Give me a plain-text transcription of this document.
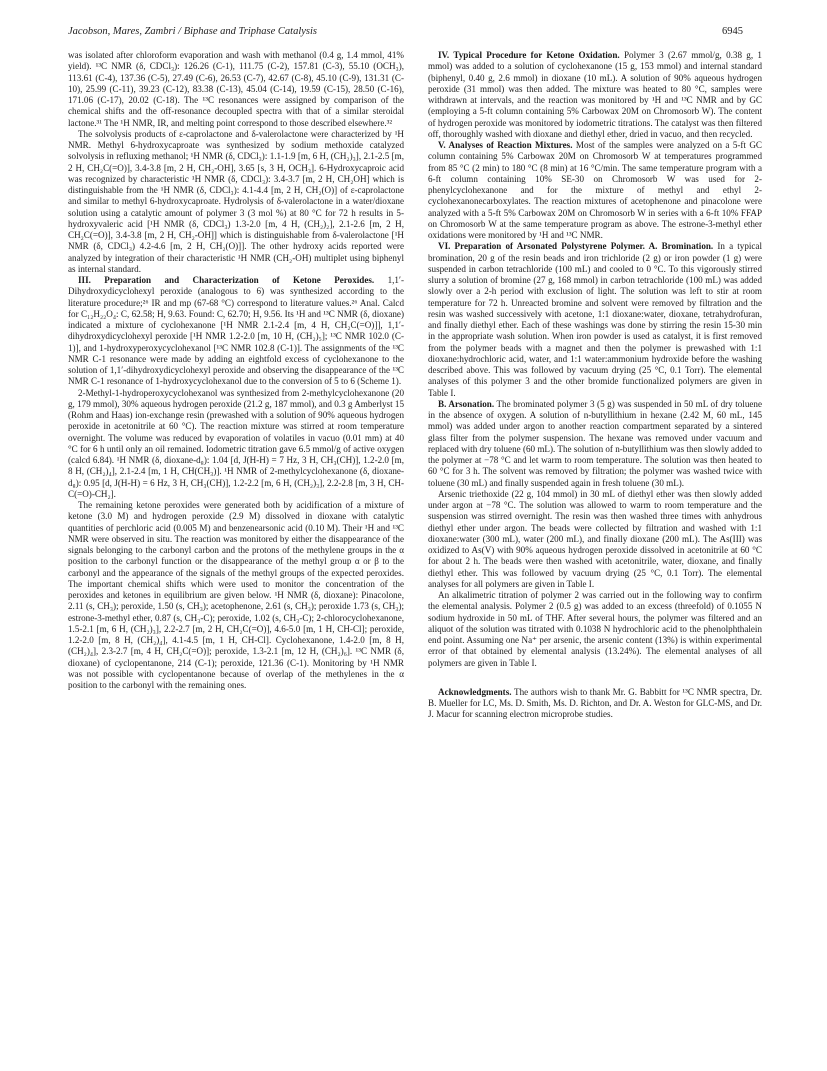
Jacobson, Mares, Zambri / Biphase and Triphase Catalysis	6945

was isolated after chloroform evaporation and wash with methanol (0.4 g, 1.4 mmol, 41% yield). ¹³C NMR (δ, CDCl₃): 126.26 (C-1), 111.75 (C-2), 157.81 (C-3), 55.10 (OCH₃), 113.61 (C-4), 137.36 (C-5), 27.49 (C-6), 26.53 (C-7), 42.67 (C-8), 45.10 (C-9), 131.31 (C-10), 25.99 (C-11), 39.23 (C-12), 83.38 (C-13), 45.04 (C-14), 19.59 (C-15), 28.50 (C-16), 171.06 (C-17), 20.02 (C-18). The ¹³C resonances were assigned by comparison of the chemical shifts and the off-resonance decoupled spectra with that of a similar steroidal lactone.³¹ The ¹H NMR, IR, and melting point correspond to those described elsewhere.³²

The solvolysis products of ε-caprolactone and δ-valerolactone were characterized by ¹H NMR. Methyl 6-hydroxycaproate was synthesized by sodium methoxide catalyzed solvolysis in refluxing methanol; ¹H NMR (δ, CDCl₃): 1.1-1.9 [m, 6 H, (CH₂)₃], 2.1-2.5 [m, 2 H, CH₂C(=O)], 3.4-3.8 [m, 2 H, CH₂-OH], 3.65 [s, 3 H, OCH₃]. 6-Hydroxycaproic acid was recognized by characteristic ¹H NMR (δ, CDCl₃): 3.4-3.7 [m, 2 H, CH₂OH] which is distinguishable from the ¹H NMR (δ, CDCl₃): 4.1-4.4 [m, 2 H, CH₂(O)] of ε-caprolactone and similar to methyl 6-hydroxycaproate. Hydrolysis of δ-valerolactone in a water/dioxane solution using a catalytic amount of polymer 3 (3 mol %) at 80 °C for 72 h results in 5-hydroxyvaleric acid [¹H NMR (δ, CDCl₃) 1.3-2.0 [m, 4 H, (CH₂)₂], 2.1-2.6 [m, 2 H, CH₂C(=O)], 3.4-3.8 [m, 2 H, CH₂-OH]] which is distinguishable from δ-valerolactone [¹H NMR (δ, CDCl₃) 4.2-4.6 [m, 2 H, CH₂(O)]]. The other hydroxy acids reported were analyzed by integration of their characteristic ¹H NMR (CH₂-OH) multiplet using biphenyl as internal standard.

III. Preparation and Characterization of Ketone Peroxides. 1,1′-Dihydroxydicyclohexyl peroxide (analogous to 6) was synthesized according to the literature procedure;²⁶ IR and mp (67-68 °C) correspond to literature values.²⁶ Anal. Calcd for C₁₂H₂₂O₄: C, 62.58; H, 9.63. Found: C, 62.70; H, 9.56. Its ¹H and ¹³C NMR (δ, dioxane) indicated a mixture of cyclohexanone [¹H NMR 2.1-2.4 [m, 4 H, CH₂C(=O)]], 1,1′-dihydroxydicyclohexyl peroxide [¹H NMR 1.2-2.0 [m, 10 H, (CH₂)₅]; ¹³C NMR 102.0 (C-1)], and 1-hydroxyperoxycyclohexanol [¹³C NMR 102.8 (C-1)]. The assignments of the ¹³C NMR C-1 resonance were made by adding an eightfold excess of cyclohexanone to the solution of 1,1′-dihydroxydicyclohexyl peroxide and observing the disappearance of the ¹³C NMR C-1 resonance of 1-hydroxycyclohexanol due to the conversion of 5 to 6 (Scheme 1).

2-Methyl-1-hydroperoxycyclohexanol was synthesized from 2-methylcyclohexanone (20 g, 179 mmol), 30% aqueous hydrogen peroxide (21.2 g, 187 mmol), and 0.3 g Amberlyst 15 (Rohm and Haas) ion-exchange resin (prewashed with a solution of 90% aqueous hydrogen peroxide in acetonitrile at 60 °C). The reaction mixture was stirred at room temperature overnight. The volume was reduced by evaporation of volatiles in vacuo (0.01 mm) at 40 °C for 6 h until only an oil remained. Iodometric titration gave 6.5 mmol/g of active oxygen (calcd 6.84). ¹H NMR (δ, dioxane-d₈): 1.04 [d, J(H-H) = 7 Hz, 3 H, CH₃(CH)], 1.2-2.0 [m, 8 H, (CH₂)₄], 2.1-2.4 [m, 1 H, CH(CH₃)]. ¹H NMR of 2-methylcyclohexanone (δ, dioxane-d₈): 0.95 [d, J(H-H) = 6 Hz, 3 H, CH₃(CH)], 1.2-2.2 [m, 6 H, (CH₂)₃], 2.2-2.8 [m, 3 H, CH-C(=O)-CH₂].

The remaining ketone peroxides were generated both by acidification of a mixture of ketone (3.0 M) and hydrogen peroxide (2.9 M) dissolved in dioxane with catalytic quantities of perchloric acid (0.005 M) and benzenearsonic acid (0.10 M). Their ¹H and ¹³C NMR were observed in situ. The reaction was monitored by either the disappearance of the signals belonging to the carbonyl carbon and the protons of the methylene groups in the α position to the carbonyl function or the disappearance of the methyl group α or β to the carbonyl and the appearance of the signals of the methyl groups of the expected peroxides. The important chemical shifts which were used to monitor the concentration of the peroxides and ketones in equilibrium are given below. ¹H NMR (δ, dioxane): Pinacolone, 2.11 (s, CH₃); peroxide, 1.50 (s, CH₃); acetophenone, 2.61 (s, CH₃); peroxide 1.73 (s, CH₃); estrone-3-methyl ether, 0.87 (s, CH₃-C); peroxide, 1.02 (s, CH₃-C); 2-chlorocyclohexanone, 1.5-2.1 [m, 6 H, (CH₂)₃], 2.2-2.7 [m, 2 H, CH₂C(=O)], 4.6-5.0 [m, 1 H, CH-Cl]; peroxide, 1.2-2.0 [m, 8 H, (CH₂)₄], 4.1-4.5 [m, 1 H, CH-Cl]. Cyclohexanone, 1.4-2.0 [m, 8 H, (CH₂)₄], 2.3-2.7 [m, 4 H, CH₂C(=O)]; peroxide, 1.3-2.1 [m, 12 H, (CH₂)₆]. ¹³C NMR (δ, dioxane) of cyclopentanone, 214 (C-1); peroxide, 121.36 (C-1). Monitoring by ¹H NMR was not possible with cyclopentanone because of overlap of the methylenes in the α position to the carbonyl with the remaining ones.

IV. Typical Procedure for Ketone Oxidation. Polymer 3 (2.67 mmol/g, 0.38 g, 1 mmol) was added to a solution of cyclohexanone (15 g, 153 mmol) and internal standard (biphenyl, 0.40 g, 2.6 mmol) in dioxane (10 mL). A solution of 90% aqueous hydrogen peroxide (31 mmol) was then added. The mixture was heated to 80 °C, samples were withdrawn at intervals, and the reaction was monitored by ¹H and ¹³C NMR and by GC (employing a 5-ft column containing 5% Carbowax 20M on Chromosorb W). The content of hydrogen peroxide was monitored by iodometric titrations. The catalyst was then filtered off, thoroughly washed with dioxane and diethyl ether, dried in vacuo, and then recycled.

V. Analyses of Reaction Mixtures. Most of the samples were analyzed on a 5-ft GC column containing 5% Carbowax 20M on Chromosorb W at temperatures programmed from 85 °C (2 min) to 180 °C (8 min) at 16 °C/min. The same temperature program with a 6-ft column containing 10% SE-30 on Chromosorb W was used for 2-phenylcyclohexanone and for the mixture of methyl and ethyl 2-cyclohexanonecarboxylates. The reaction mixtures of acetophenone and pinacolone were analyzed with a 5-ft 5% Carbowax 20M on Chromosorb W in series with a 6-ft 10% FFAP on Chromosorb W at the same temperature program as above. The estrone-3-methyl ether oxidations were monitored by ¹H and ¹³C NMR.

VI. Preparation of Arsonated Polystyrene Polymer. A. Bromination. In a typical bromination, 20 g of the resin beads and iron trichloride (2 g) or iron powder (1 g) were suspended in carbon tetrachloride (100 mL) and cooled to 0 °C. To this vigorously stirred slurry a solution of bromine (27 g, 168 mmol) in carbon tetrachloride (100 mL) was added slowly over a 2-h period with exclusion of light. The solution was left to stir at room temperature for 72 h. Unreacted bromine and solvent were removed by filtration and the resin was washed successively with acetone, 1:1 dioxane:water, dioxane, tetrahydrofuran, and finally diethyl ether. Each of these washings was done by stirring the resin 15-30 min in the appropriate wash solution. When iron powder is used as catalyst, it is first removed from the polymer beads with a magnet and then the polymer is prewashed with 1:1 dioxane:hydrochloric acid, water, and 1:1 water:ammonium hydroxide before the washing described above. This was followed by vacuum drying (25 °C, 0.1 Torr). The elemental analyses of this polymer 3 and the other bromide functionalized polymers are given in Table I.

B. Arsonation. The brominated polymer 3 (5 g) was suspended in 50 mL of dry toluene in the absence of oxygen. A solution of n-butyllithium in hexane (2.42 M, 60 mL, 145 mmol) was added under argon to another reaction compartment separated by a sintered glass filter from the polymer suspension. The hexane was removed under vacuum and replaced with dry toluene (60 mL). The solution of n-butyllithium was then slowly added to the polymer at −78 °C and let warm to room temperature. The solution was then heated to 60 °C for 3 h. The solvent was removed by filtration; the polymer was washed twice with toluene (30 mL) and finally suspended again in fresh toluene (30 mL).

Arsenic triethoxide (22 g, 104 mmol) in 30 mL of diethyl ether was then slowly added under argon at −78 °C. The solution was allowed to warm to room temperature and the suspension was stirred overnight. The resin was then washed three times with anhydrous diethyl ether under argon. The beads were collected by filtration and washed with 1:1 dioxane:water (300 mL), water (200 mL), and finally dioxane (200 mL). The As(III) was oxidized to As(V) with 90% aqueous hydrogen peroxide dissolved in acetonitrile at 60 °C for about 2 h. The beads were then washed with acetonitrile, water, dioxane, and finally diethyl ether. This was followed by vacuum drying (25 °C, 0.1 Torr). The elemental analyses for all polymers are given in Table I.

An alkalimetric titration of polymer 2 was carried out in the following way to confirm the elemental analysis. Polymer 2 (0.5 g) was added to an excess (threefold) of 0.1055 N sodium hydroxide in 50 mL of THF. After several hours, the polymer was filtered and an aliquot of the solution was titrated with 0.1038 N hydrochloric acid to the phenolphthalein end point. Assuming one Na⁺ per arsenic, the arsenic content (13%) is within experimental error of that obtained by elemental analysis (13.24%). The elemental analyses of all polymers are given in Table I.

Acknowledgments. The authors wish to thank Mr. G. Babbitt for ¹³C NMR spectra, Dr. B. Mueller for LC, Ms. D. Smith, Ms. D. Richton, and Dr. A. Weston for GLC-MS, and Dr. J. Macur for scanning electron microprobe studies.
